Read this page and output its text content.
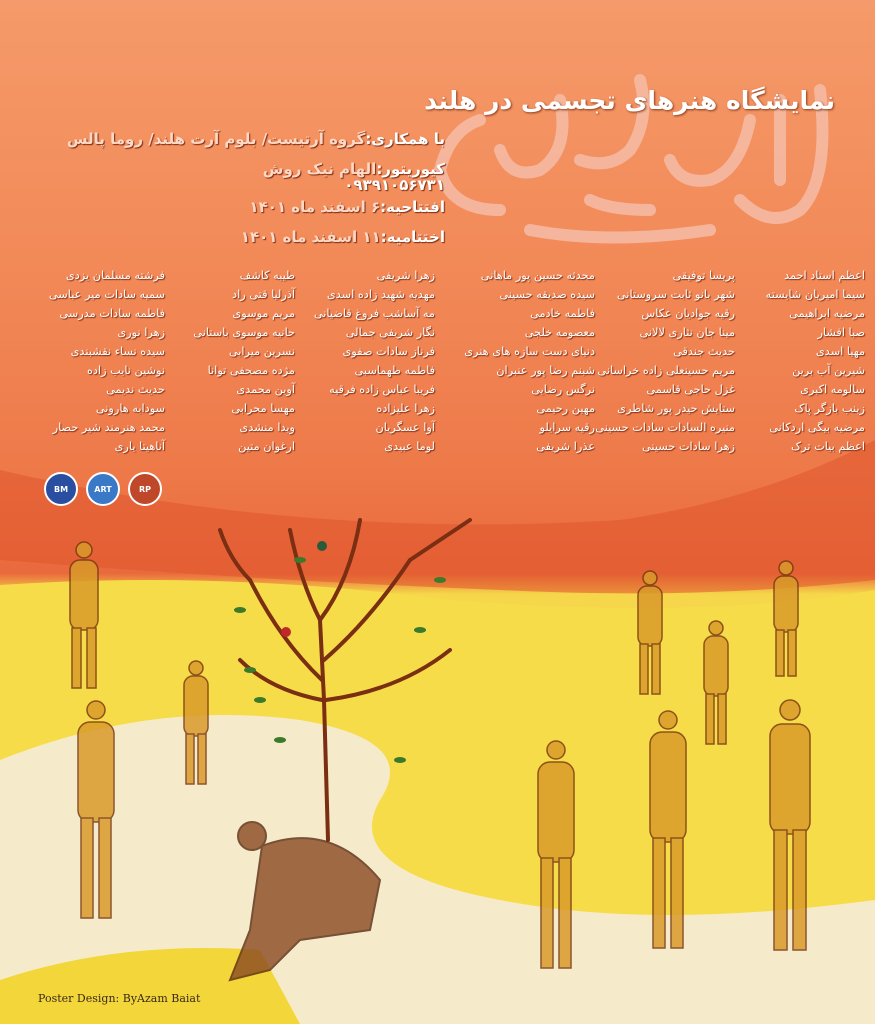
نمایشگاه هنرهای تجسمی در هلند
با همکاری:گروه آرتیست/ بلوم آرت هلند/ روما پالس
کیوریتور:الهام نیک روش
۰۹۳۹۱۰۵۶۷۳۱
افتتاحیه:۶ اسفند ماه ۱۴۰۱
اختتامیه:۱۱ اسفند ماه ۱۴۰۱
اعظم استاد احمد
سیما امیریان شایسته
مرضیه ابراهیمی
صبا افشار
مهیا اسدی
شیرین آب برین
سالومه اکبری
زینب بازگر پاک
مرضیه بیگی اردکانی
اعظم بیات ترک
پریسا توفیقی
شهر بانو ثابت سروستانی
رقیه جوادیان عکاس
مینا جان نثاری لالانی
حدیث جندقی
مریم حسینعلی زاده خراسانی
غزل حاجی قاسمی
ستایش حیدر پور شاطری
منیره السادات سادات حسینی
زهرا سادات حسینی
محدثه حسین پور ماهانی
سیده صدیقه حسینی
فاطمه خادمی
معصومه خلجی
دنیای دست سازه های هنری
شبنم رضا پور عنبران
نرگس رضایی
مهین رحیمی
رقیه سرایلو
عذرا شریفی
زهرا شریفی
مهدیه شهید زاده اسدی
مه آساشب فروغ قاضیانی
نگار شریفی جمالی
فرناز سادات صفوی
فاطمه طهماسبی
فریبا عباس زاده فرقیه
زهرا علیزاده
آوا عسگریان
لوما عبیدی
طیبه کاشف
آذرلیا قتی راد
مریم موسوی
حانیه موسوی باستانی
نسرین میرابی
مژده مصحفی توانا
آوین محمدی
مهسا محرابی
ویدا منشدی
ارغوان متین
فرشته مسلمان یزدی
سمیه سادات میر عباسی
فاطمه سادات مدرسی
زهرا نوری
سیده نساء نقشبندی
نوشین نایب زاده
حدیث ندیمی
سودابه هارونی
محمد هنرمند شیر حصار
آناهیتا یاری
BM	ART	RP
Poster Design: ByAzam Baiat
